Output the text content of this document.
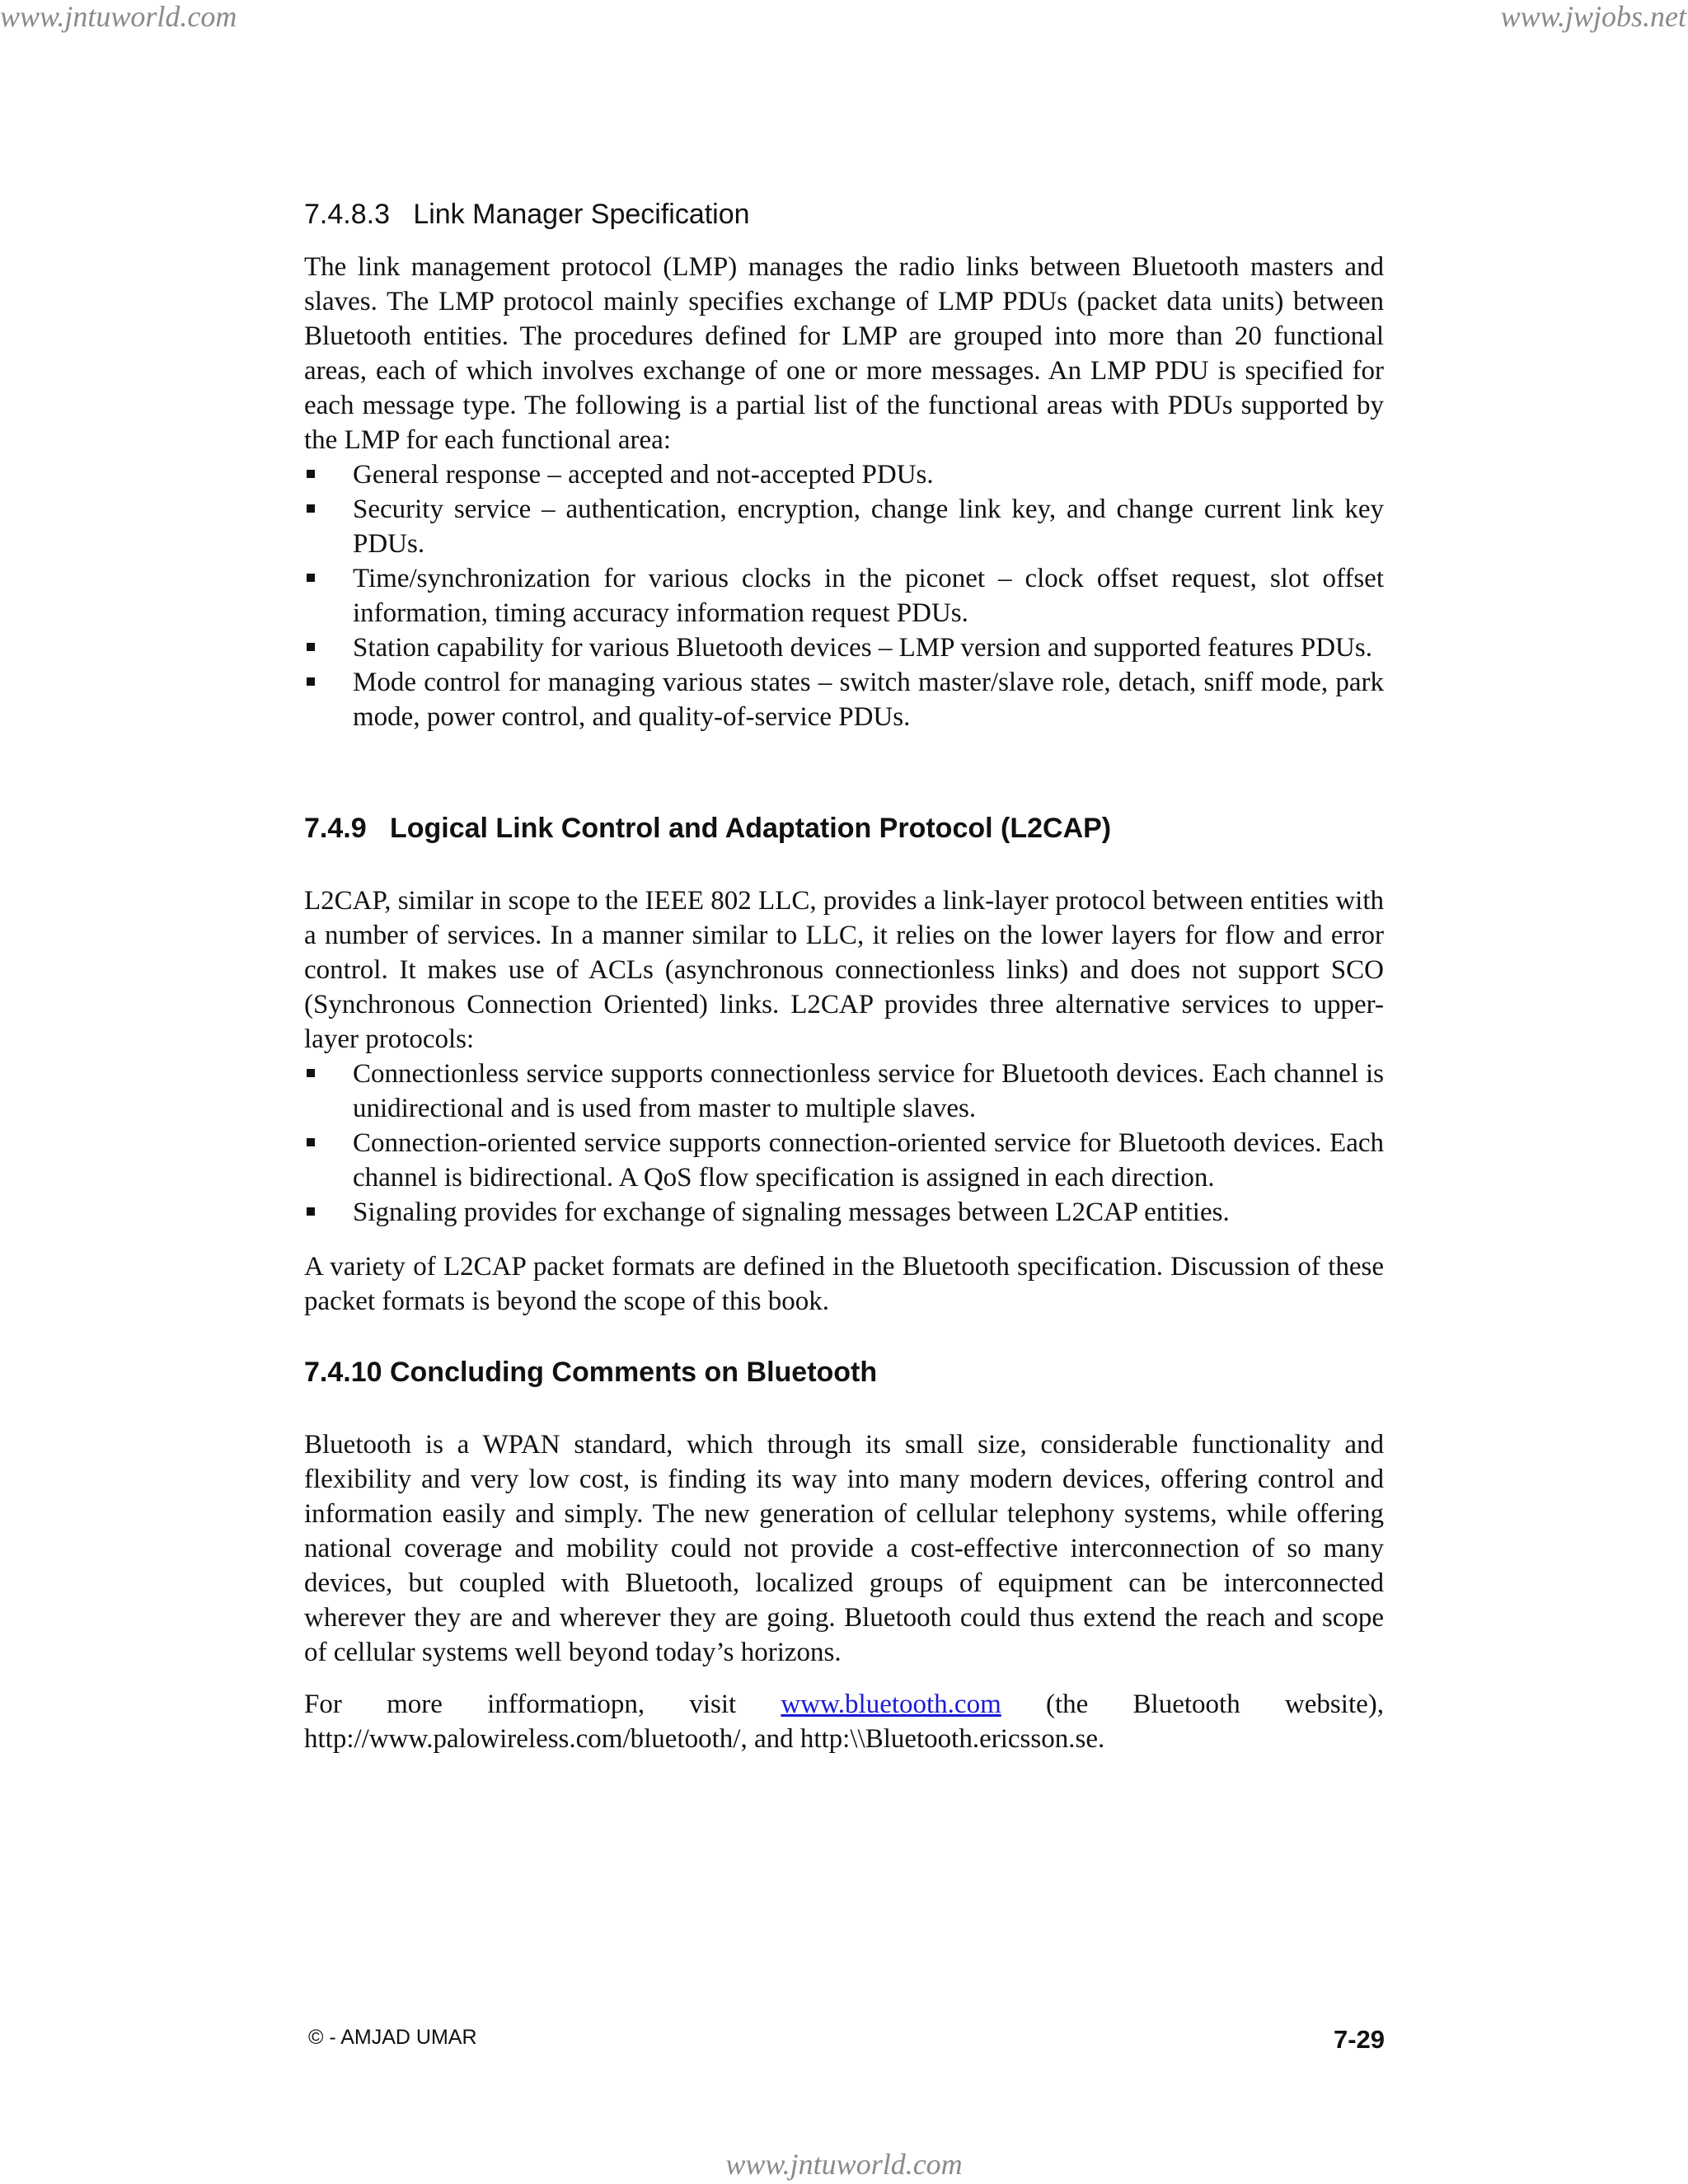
www.jntuworld.com	www.jwjobs.net
7.4.8.3   Link Manager Specification

The link management protocol (LMP) manages the radio links between Bluetooth masters and slaves. The LMP protocol mainly specifies exchange of LMP PDUs (packet data units) between Bluetooth entities. The procedures defined for LMP are grouped into more than 20 functional areas, each of which involves exchange of one or more messages. An LMP PDU is specified for each message type. The following is a partial list of the functional areas with PDUs supported by the LMP for each functional area:

General response – accepted and not-accepted PDUs.
Security service – authentication, encryption, change link key, and change current link key PDUs.
Time/synchronization for various clocks in the piconet – clock offset request, slot offset information, timing accuracy information request PDUs.
Station capability for various Bluetooth devices – LMP version and supported features PDUs.
Mode control for managing various states – switch master/slave role, detach, sniff mode, park mode, power control, and quality-of-service PDUs.
7.4.9   Logical Link Control and Adaptation Protocol (L2CAP)

L2CAP, similar in scope to the IEEE 802 LLC, provides a link-layer protocol between entities with a number of services. In a manner similar to LLC, it relies on the lower layers for flow and error control. It makes use of ACLs (asynchronous connectionless links) and does not support SCO (Synchronous Connection Oriented) links. L2CAP provides three alternative services to upper-layer protocols:

Connectionless service supports connectionless service for Bluetooth devices. Each channel is unidirectional and is used from master to multiple slaves.
Connection-oriented service supports connection-oriented service for Bluetooth devices. Each channel is bidirectional. A QoS flow specification is assigned in each direction.
Signaling provides for exchange of signaling messages between L2CAP entities.

A variety of L2CAP packet formats are defined in the Bluetooth specification. Discussion of these packet formats is beyond the scope of this book.

7.4.10 Concluding Comments on Bluetooth

Bluetooth is a WPAN standard, which through its small size, considerable functionality and flexibility and very low cost, is finding its way into many modern devices, offering control and information easily and simply. The new generation of cellular telephony systems, while offering national coverage and mobility could not provide a cost-effective interconnection of so many devices, but coupled with Bluetooth, localized groups of equipment can be interconnected wherever they are and wherever they are going. Bluetooth could thus extend the reach and scope of cellular systems well beyond today’s horizons.

For more infformatiopn, visit www.bluetooth.com (the Bluetooth website),

http://www.palowireless.com/bluetooth/, and http:\\Bluetooth.ericsson.se.

© - AMJAD UMAR	7-29
www.jntuworld.com
